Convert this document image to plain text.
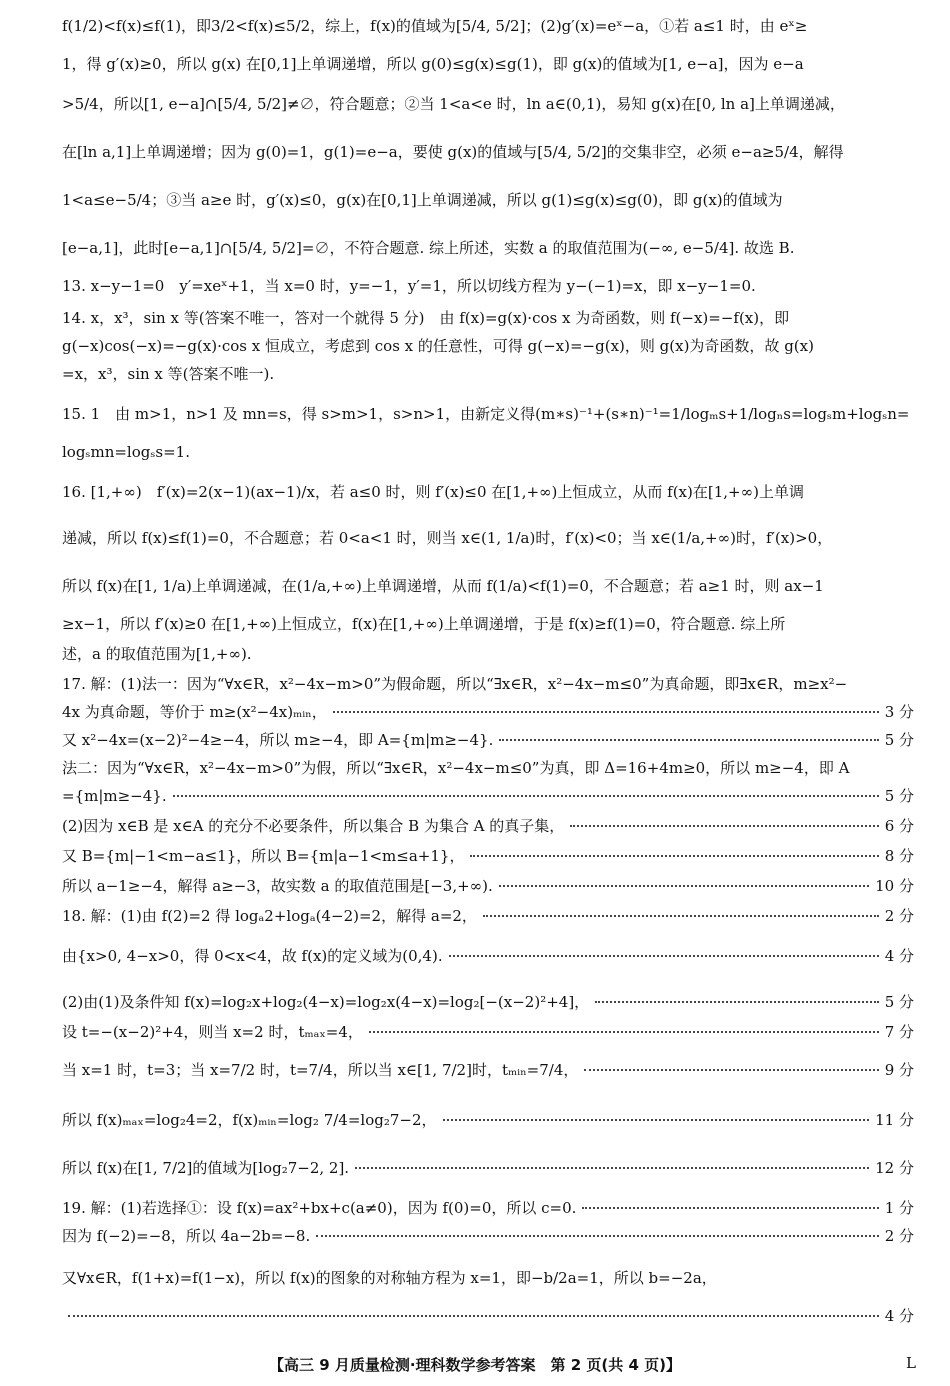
f(1/2)<f(x)≤f(1)，即3/2<f(x)≤5/2，综上，f(x)的值域为[5/4, 5/2]；(2)g′(x)=eˣ−a，①若 a≤1 时，由 eˣ≥
1，得 g′(x)≥0，所以 g(x) 在[0,1]上单调递增，所以 g(0)≤g(x)≤g(1)，即 g(x)的值域为[1, e−a]，因为 e−a
>5/4，所以[1, e−a]∩[5/4, 5/2]≠∅，符合题意；②当 1<a<e 时，ln a∈(0,1)，易知 g(x)在[0, ln a]上单调递减，
在[ln a,1]上单调递增；因为 g(0)=1，g(1)=e−a，要使 g(x)的值域与[5/4, 5/2]的交集非空，必须 e−a≥5/4，解得
1<a≤e−5/4；③当 a≥e 时，g′(x)≤0，g(x)在[0,1]上单调递减，所以 g(1)≤g(x)≤g(0)，即 g(x)的值域为
[e−a,1]，此时[e−a,1]∩[5/4, 5/2]=∅，不符合题意. 综上所述，实数 a 的取值范围为(−∞, e−5/4]. 故选 B.
13. x−y−1=0　y′=xeˣ+1，当 x=0 时，y=−1，y′=1，所以切线方程为 y−(−1)=x，即 x−y−1=0.
14. x，x³，sin x 等(答案不唯一，答对一个就得 5 分)　由 f(x)=g(x)·cos x 为奇函数，则 f(−x)=−f(x)，即
g(−x)cos(−x)=−g(x)·cos x 恒成立，考虑到 cos x 的任意性，可得 g(−x)=−g(x)，则 g(x)为奇函数，故 g(x)
=x，x³，sin x 等(答案不唯一).
15. 1　由 m>1，n>1 及 mn=s，得 s>m>1，s>n>1，由新定义得(m∗s)⁻¹+(s∗n)⁻¹=1/logₘs+1/logₙs=logₛm+logₛn=
logₛmn=logₛs=1.
16. [1,+∞)　f′(x)=2(x−1)(ax−1)/x，若 a≤0 时，则 f′(x)≤0 在[1,+∞)上恒成立，从而 f(x)在[1,+∞)上单调
递减，所以 f(x)≤f(1)=0，不合题意；若 0<a<1 时，则当 x∈(1, 1/a)时，f′(x)<0；当 x∈(1/a,+∞)时，f′(x)>0，
所以 f(x)在[1, 1/a)上单调递减，在(1/a,+∞)上单调递增，从而 f(1/a)<f(1)=0，不合题意；若 a≥1 时，则 ax−1
≥x−1，所以 f′(x)≥0 在[1,+∞)上恒成立，f(x)在[1,+∞)上单调递增，于是 f(x)≥f(1)=0，符合题意. 综上所
述，a 的取值范围为[1,+∞).
17. 解：(1)法一：因为“∀x∈R，x²−4x−m>0”为假命题，所以“∃x∈R，x²−4x−m≤0”为真命题，即∃x∈R，m≥x²−
4x 为真命题，等价于 m≥(x²−4x)ₘᵢₙ，	3 分
又 x²−4x=(x−2)²−4≥−4，所以 m≥−4，即 A={m|m≥−4}.	5 分
法二：因为“∀x∈R，x²−4x−m>0”为假，所以“∃x∈R，x²−4x−m≤0”为真，即 Δ=16+4m≥0，所以 m≥−4，即 A
={m|m≥−4}.	5 分
(2)因为 x∈B 是 x∈A 的充分不必要条件，所以集合 B 为集合 A 的真子集，	6 分
又 B={m|−1<m−a≤1}，所以 B={m|a−1<m≤a+1}，	8 分
所以 a−1≥−4，解得 a≥−3，故实数 a 的取值范围是[−3,+∞).	10 分
18. 解：(1)由 f(2)=2 得 logₐ2+logₐ(4−2)=2，解得 a=2，	2 分
由{x>0, 4−x>0，得 0<x<4，故 f(x)的定义域为(0,4).	4 分
(2)由(1)及条件知 f(x)=log₂x+log₂(4−x)=log₂x(4−x)=log₂[−(x−2)²+4]，	5 分
设 t=−(x−2)²+4，则当 x=2 时，tₘₐₓ=4，	7 分
当 x=1 时，t=3；当 x=7/2 时，t=7/4，所以当 x∈[1, 7/2]时，tₘᵢₙ=7/4，	9 分
所以 f(x)ₘₐₓ=log₂4=2，f(x)ₘᵢₙ=log₂ 7/4=log₂7−2，	11 分
所以 f(x)在[1, 7/2]的值域为[log₂7−2, 2].	12 分
19. 解：(1)若选择①：设 f(x)=ax²+bx+c(a≠0)，因为 f(0)=0，所以 c=0.	1 分
因为 f(−2)=−8，所以 4a−2b=−8.	2 分
又∀x∈R，f(1+x)=f(1−x)，所以 f(x)的图象的对称轴方程为 x=1，即−b/2a=1，所以 b=−2a，
4 分
【高三 9 月质量检测·理科数学参考答案　第 2 页(共 4 页)】	L
